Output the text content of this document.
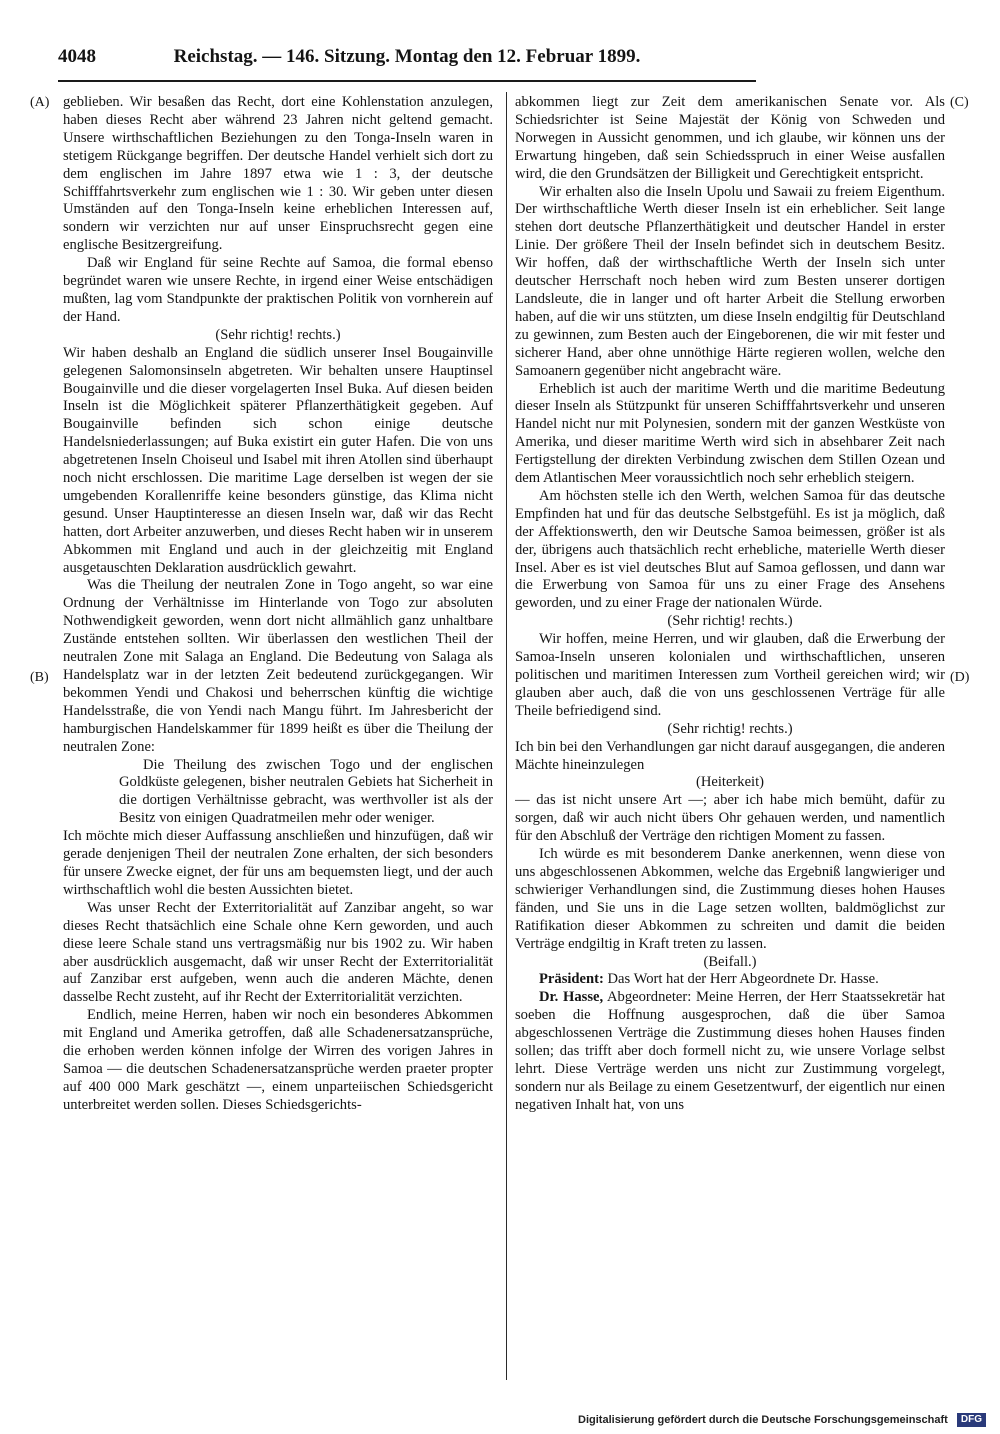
4048	Reichstag. — 146. Sitzung. Montag den 12. Februar 1899.
(A)
(B)
(C)
(D)

geblieben. Wir besaßen das Recht, dort eine Kohlenstation anzulegen, haben dieses Recht aber während 23 Jahren nicht geltend gemacht. Unsere wirthschaftlichen Beziehungen zu den Tonga-Inseln waren in stetigem Rückgange begriffen. Der deutsche Handel verhielt sich dort zu dem englischen im Jahre 1897 etwa wie 1 : 3, der deutsche Schifffahrtsverkehr zum englischen wie 1 : 30. Wir geben unter diesen Umständen auf den Tonga-Inseln keine erheblichen Interessen auf, sondern wir verzichten nur auf unser Einspruchsrecht gegen eine englische Besitzergreifung.

Daß wir England für seine Rechte auf Samoa, die formal ebenso begründet waren wie unsere Rechte, in irgend einer Weise entschädigen mußten, lag vom Standpunkte der praktischen Politik von vornherein auf der Hand.

(Sehr richtig! rechts.)

Wir haben deshalb an England die südlich unserer Insel Bougainville gelegenen Salomonsinseln abgetreten. Wir behalten unsere Hauptinsel Bougainville und die dieser vorgelagerten Insel Buka. Auf diesen beiden Inseln ist die Möglichkeit späterer Pflanzerthätigkeit gegeben. Auf Bougainville befinden sich schon einige deutsche Handelsniederlassungen; auf Buka existirt ein guter Hafen. Die von uns abgetretenen Inseln Choiseul und Isabel mit ihren Atollen sind überhaupt noch nicht erschlossen. Die maritime Lage derselben ist wegen der sie umgebenden Korallenriffe keine besonders günstige, das Klima nicht gesund. Unser Hauptinteresse an diesen Inseln war, daß wir das Recht hatten, dort Arbeiter anzuwerben, und dieses Recht haben wir in unserem Abkommen mit England und auch in der gleichzeitig mit England ausgetauschten Deklaration ausdrücklich gewahrt.

Was die Theilung der neutralen Zone in Togo angeht, so war eine Ordnung der Verhältnisse im Hinterlande von Togo zur absoluten Nothwendigkeit geworden, wenn dort nicht allmählich ganz unhaltbare Zustände entstehen sollten. Wir überlassen den westlichen Theil der neutralen Zone mit Salaga an England. Die Bedeutung von Salaga als Handelsplatz war in der letzten Zeit bedeutend zurückgegangen. Wir bekommen Yendi und Chakosi und beherrschen künftig die wichtige Handelsstraße, die von Yendi nach Mangu führt. Im Jahresbericht der hamburgischen Handelskammer für 1899 heißt es über die Theilung der neutralen Zone:

Die Theilung des zwischen Togo und der englischen Goldküste gelegenen, bisher neutralen Gebiets hat Sicherheit in die dortigen Verhältnisse gebracht, was werthvoller ist als der Besitz von einigen Quadratmeilen mehr oder weniger.

Ich möchte mich dieser Auffassung anschließen und hinzufügen, daß wir gerade denjenigen Theil der neutralen Zone erhalten, der sich besonders für unsere Zwecke eignet, der für uns am bequemsten liegt, und der auch wirthschaftlich wohl die besten Aussichten bietet.

Was unser Recht der Exterritorialität auf Zanzibar angeht, so war dieses Recht thatsächlich eine Schale ohne Kern geworden, und auch diese leere Schale stand uns vertragsmäßig nur bis 1902 zu. Wir haben aber ausdrücklich ausgemacht, daß wir unser Recht der Exterritorialität auf Zanzibar erst aufgeben, wenn auch die anderen Mächte, denen dasselbe Recht zusteht, auf ihr Recht der Exterritorialität verzichten.

Endlich, meine Herren, haben wir noch ein besonderes Abkommen mit England und Amerika getroffen, daß alle Schadenersatzansprüche, die erhoben werden können infolge der Wirren des vorigen Jahres in Samoa — die deutschen Schadenersatzansprüche werden praeter propter auf 400 000 Mark geschätzt —, einem unparteiischen Schiedsgericht unterbreitet werden sollen. Dieses Schiedsgerichts-

abkommen liegt zur Zeit dem amerikanischen Senate vor. Als Schiedsrichter ist Seine Majestät der König von Schweden und Norwegen in Aussicht genommen, und ich glaube, wir können uns der Erwartung hingeben, daß sein Schiedsspruch in einer Weise ausfallen wird, die den Grundsätzen der Billigkeit und Gerechtigkeit entspricht.

Wir erhalten also die Inseln Upolu und Sawaii zu freiem Eigenthum. Der wirthschaftliche Werth dieser Inseln ist ein erheblicher. Seit lange stehen dort deutsche Pflanzerthätigkeit und deutscher Handel in erster Linie. Der größere Theil der Inseln befindet sich in deutschem Besitz. Wir hoffen, daß der wirthschaftliche Werth der Inseln sich unter deutscher Herrschaft noch heben wird zum Besten unserer dortigen Landsleute, die in langer und oft harter Arbeit die Stellung erworben haben, auf die wir uns stützten, um diese Inseln endgiltig für Deutschland zu gewinnen, zum Besten auch der Eingeborenen, die wir mit fester und sicherer Hand, aber ohne unnöthige Härte regieren wollen, welche den Samoanern gegenüber nicht angebracht wäre.

Erheblich ist auch der maritime Werth und die maritime Bedeutung dieser Inseln als Stützpunkt für unseren Schifffahrtsverkehr und unseren Handel nicht nur mit Polynesien, sondern mit der ganzen Westküste von Amerika, und dieser maritime Werth wird sich in absehbarer Zeit nach Fertigstellung der direkten Verbindung zwischen dem Stillen Ozean und dem Atlantischen Meer voraussichtlich noch sehr erheblich steigern.

Am höchsten stelle ich den Werth, welchen Samoa für das deutsche Empfinden hat und für das deutsche Selbstgefühl. Es ist ja möglich, daß der Affektionswerth, den wir Deutsche Samoa beimessen, größer ist als der, übrigens auch thatsächlich recht erhebliche, materielle Werth dieser Insel. Aber es ist viel deutsches Blut auf Samoa geflossen, und dann war die Erwerbung von Samoa für uns zu einer Frage des Ansehens geworden, und zu einer Frage der nationalen Würde.

(Sehr richtig! rechts.)

Wir hoffen, meine Herren, und wir glauben, daß die Erwerbung der Samoa-Inseln unseren kolonialen und wirthschaftlichen, unseren politischen und maritimen Interessen zum Vortheil gereichen wird; wir glauben aber auch, daß die von uns geschlossenen Verträge für alle Theile befriedigend sind.

(Sehr richtig! rechts.)

Ich bin bei den Verhandlungen gar nicht darauf ausgegangen, die anderen Mächte hineinzulegen

(Heiterkeit)

— das ist nicht unsere Art —; aber ich habe mich bemüht, dafür zu sorgen, daß wir auch nicht übers Ohr gehauen werden, und namentlich für den Abschluß der Verträge den richtigen Moment zu fassen.

Ich würde es mit besonderem Danke anerkennen, wenn diese von uns abgeschlossenen Abkommen, welche das Ergebniß langwieriger und schwieriger Verhandlungen sind, die Zustimmung dieses hohen Hauses fänden, und Sie uns in die Lage setzen wollten, baldmöglichst zur Ratifikation dieser Abkommen zu schreiten und damit die beiden Verträge endgiltig in Kraft treten zu lassen.

(Beifall.)

Präsident: Das Wort hat der Herr Abgeordnete Dr. Hasse.

Dr. Hasse, Abgeordneter: Meine Herren, der Herr Staatssekretär hat soeben die Hoffnung ausgesprochen, daß die über Samoa abgeschlossenen Verträge die Zustimmung dieses hohen Hauses finden sollen; das trifft aber doch formell nicht zu, wie unsere Vorlage selbst lehrt. Diese Verträge werden uns nicht zur Zustimmung vorgelegt, sondern nur als Beilage zu einem Gesetzentwurf, der eigentlich nur einen negativen Inhalt hat, von uns

Digitalisierung gefördert durch die Deutsche Forschungsgemeinschaft DFG
